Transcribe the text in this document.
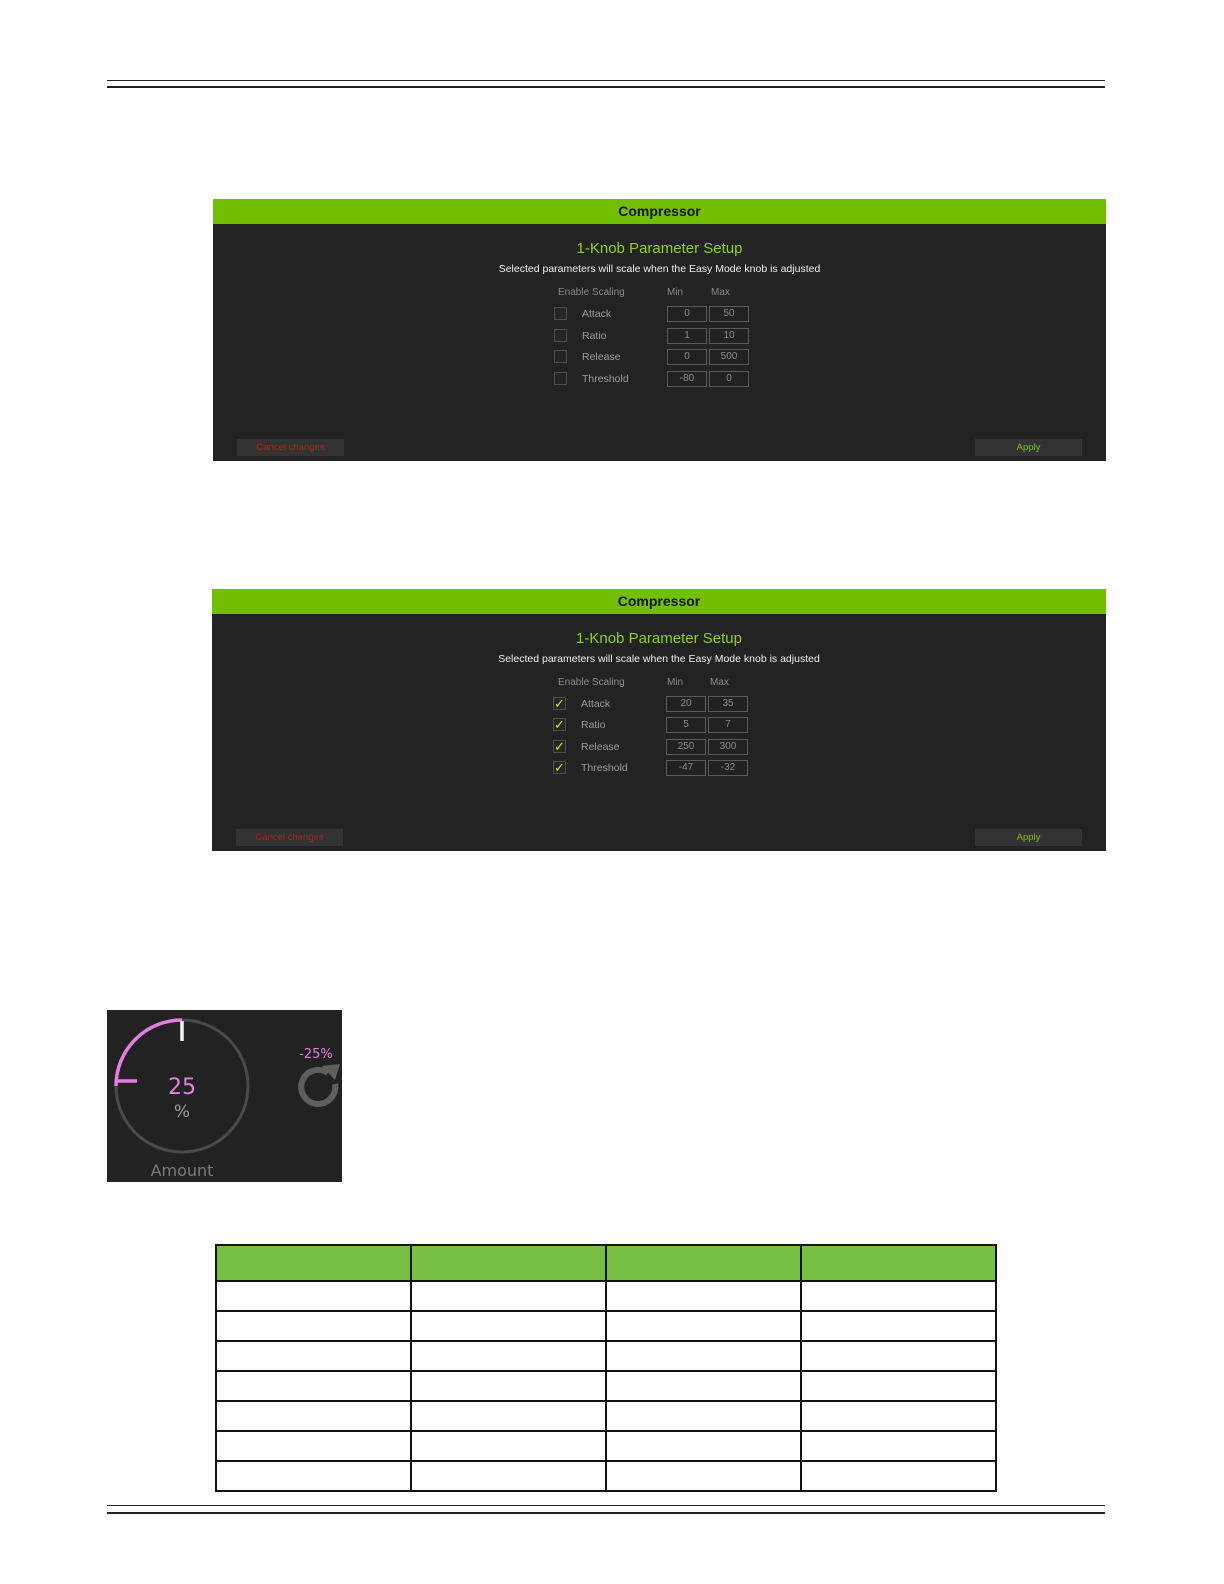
Compressor
1-Knob Parameter Setup
Selected parameters will scale when the Easy Mode knob is adjusted
Enable Scaling	Min	Max
Attack	0	50
Ratio	1	10
Release	0	500
Threshold	-80	0
Cancel changes	Apply
Compressor
1-Knob Parameter Setup
Selected parameters will scale when the Easy Mode knob is adjusted
Enable Scaling	Min	Max
✓ Attack	20	35
✓ Ratio	5	7
✓ Release	250	300
✓ Threshold	-47	-32
Cancel changes	Apply
25
%
Amount
-25%
